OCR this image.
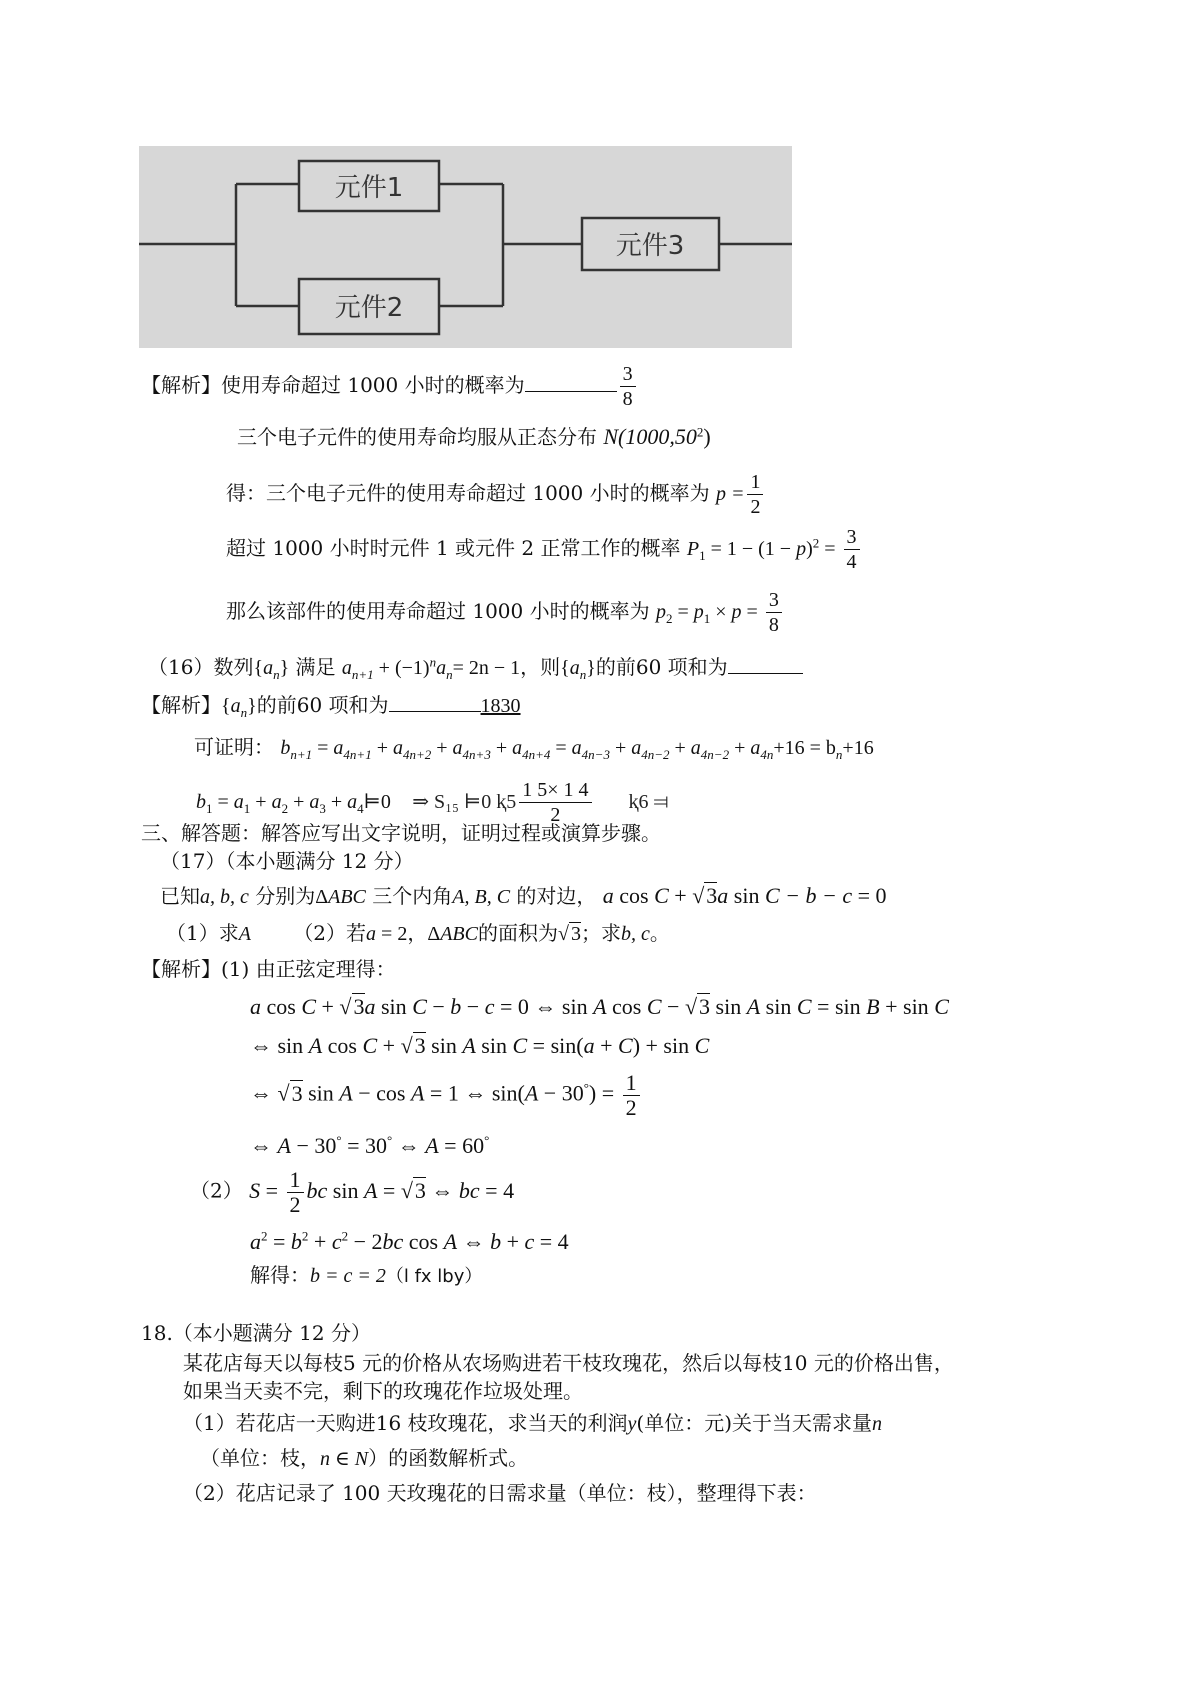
元件1
元件2
元件3
【解析】使用寿命超过 1000 小时的概率为	$\frac{3}{8}$
三个电子元件的使用寿命均服从正态分布 N(1000,50$^2$)
得：三个电子元件的使用寿命超过 1000 小时的概率为 $p = \frac{1}{2}$
超过 1000 小时时元件 1 或元件 2 正常工作的概率 $P_1 = 1 - (1 - p)^2 = \frac{3}{4}$
那么该部件的使用寿命超过 1000 小时的概率为 $p_2 = p_1 \times p = \frac{3}{8}$
（16）数列$\{a_n\}$ 满足 $a_{n+1} + (-1)^na_n= 2n - 1$，则$\{a_n\}$的前60 项和为
【解析】$\{a_n\}$的前60 项和为	1830
可证明： $b_{n+1} = a_{4n+1} + a_{4n+2} + a_{4n+3} + a_{4n+4} = a_{4n-3} + a_{4n-2} + a_{4n-2} + a_{4n}+16 = b_n+16$
$b_1 = a_1 + a_2 + a_3$ + $a_4⊨0$    ⇒ S₁₅ ⊨0 ⱪ5 $\frac{1 5\times 1 4}{2}$ ⱪ6 ⫤
三、解答题：解答应写出文字说明，证明过程或演算步骤。
（17）（本小题满分 12 分）
已知a, b, c 分别为ΔABC 三个内角A, B, C 的对边， a cos C + √3a sin C − b − c = 0
（1）求A （2）若a = 2，ΔABC的面积为√ 3；求b, c。
【解析】(1) 由正弦定理得：
a cos C + √3a sin C − b − c = 0 ⇔ sin A cos C − √3 sin A sin C = sin B + sin C
⇔ sin A cos C + √3 sin A sin C = sin(a + C) + sin C
⇔ √3 sin A − cos A = 1 ⇔ $\sin(A - 30^\circ) = \frac{1}{2}$
⇔ A − 30° = 30° ⇔ A = 60°
（2） $S = \frac{1}{2}$ bc sin A = √3 ⇔ bc = 4
$a^2 = b^2 + c^2 - 2bc$ cos A ⇔ b + c = 4
解得：b = c = 2（l fx lby）
18.（本小题满分 12 分）
某花店每天以每枝5 元的价格从农场购进若干枝玫瑰花，然后以每枝10 元的价格出售，
如果当天卖不完，剩下的玫瑰花作垃圾处理。
（1）若花店一天购进16 枝玫瑰花，求当天的利润y(单位：元)关于当天需求量n
（单位：枝，n ∈ N）的函数解析式。
（2）花店记录了 100 天玫瑰花的日需求量（单位：枝），整理得下表：
